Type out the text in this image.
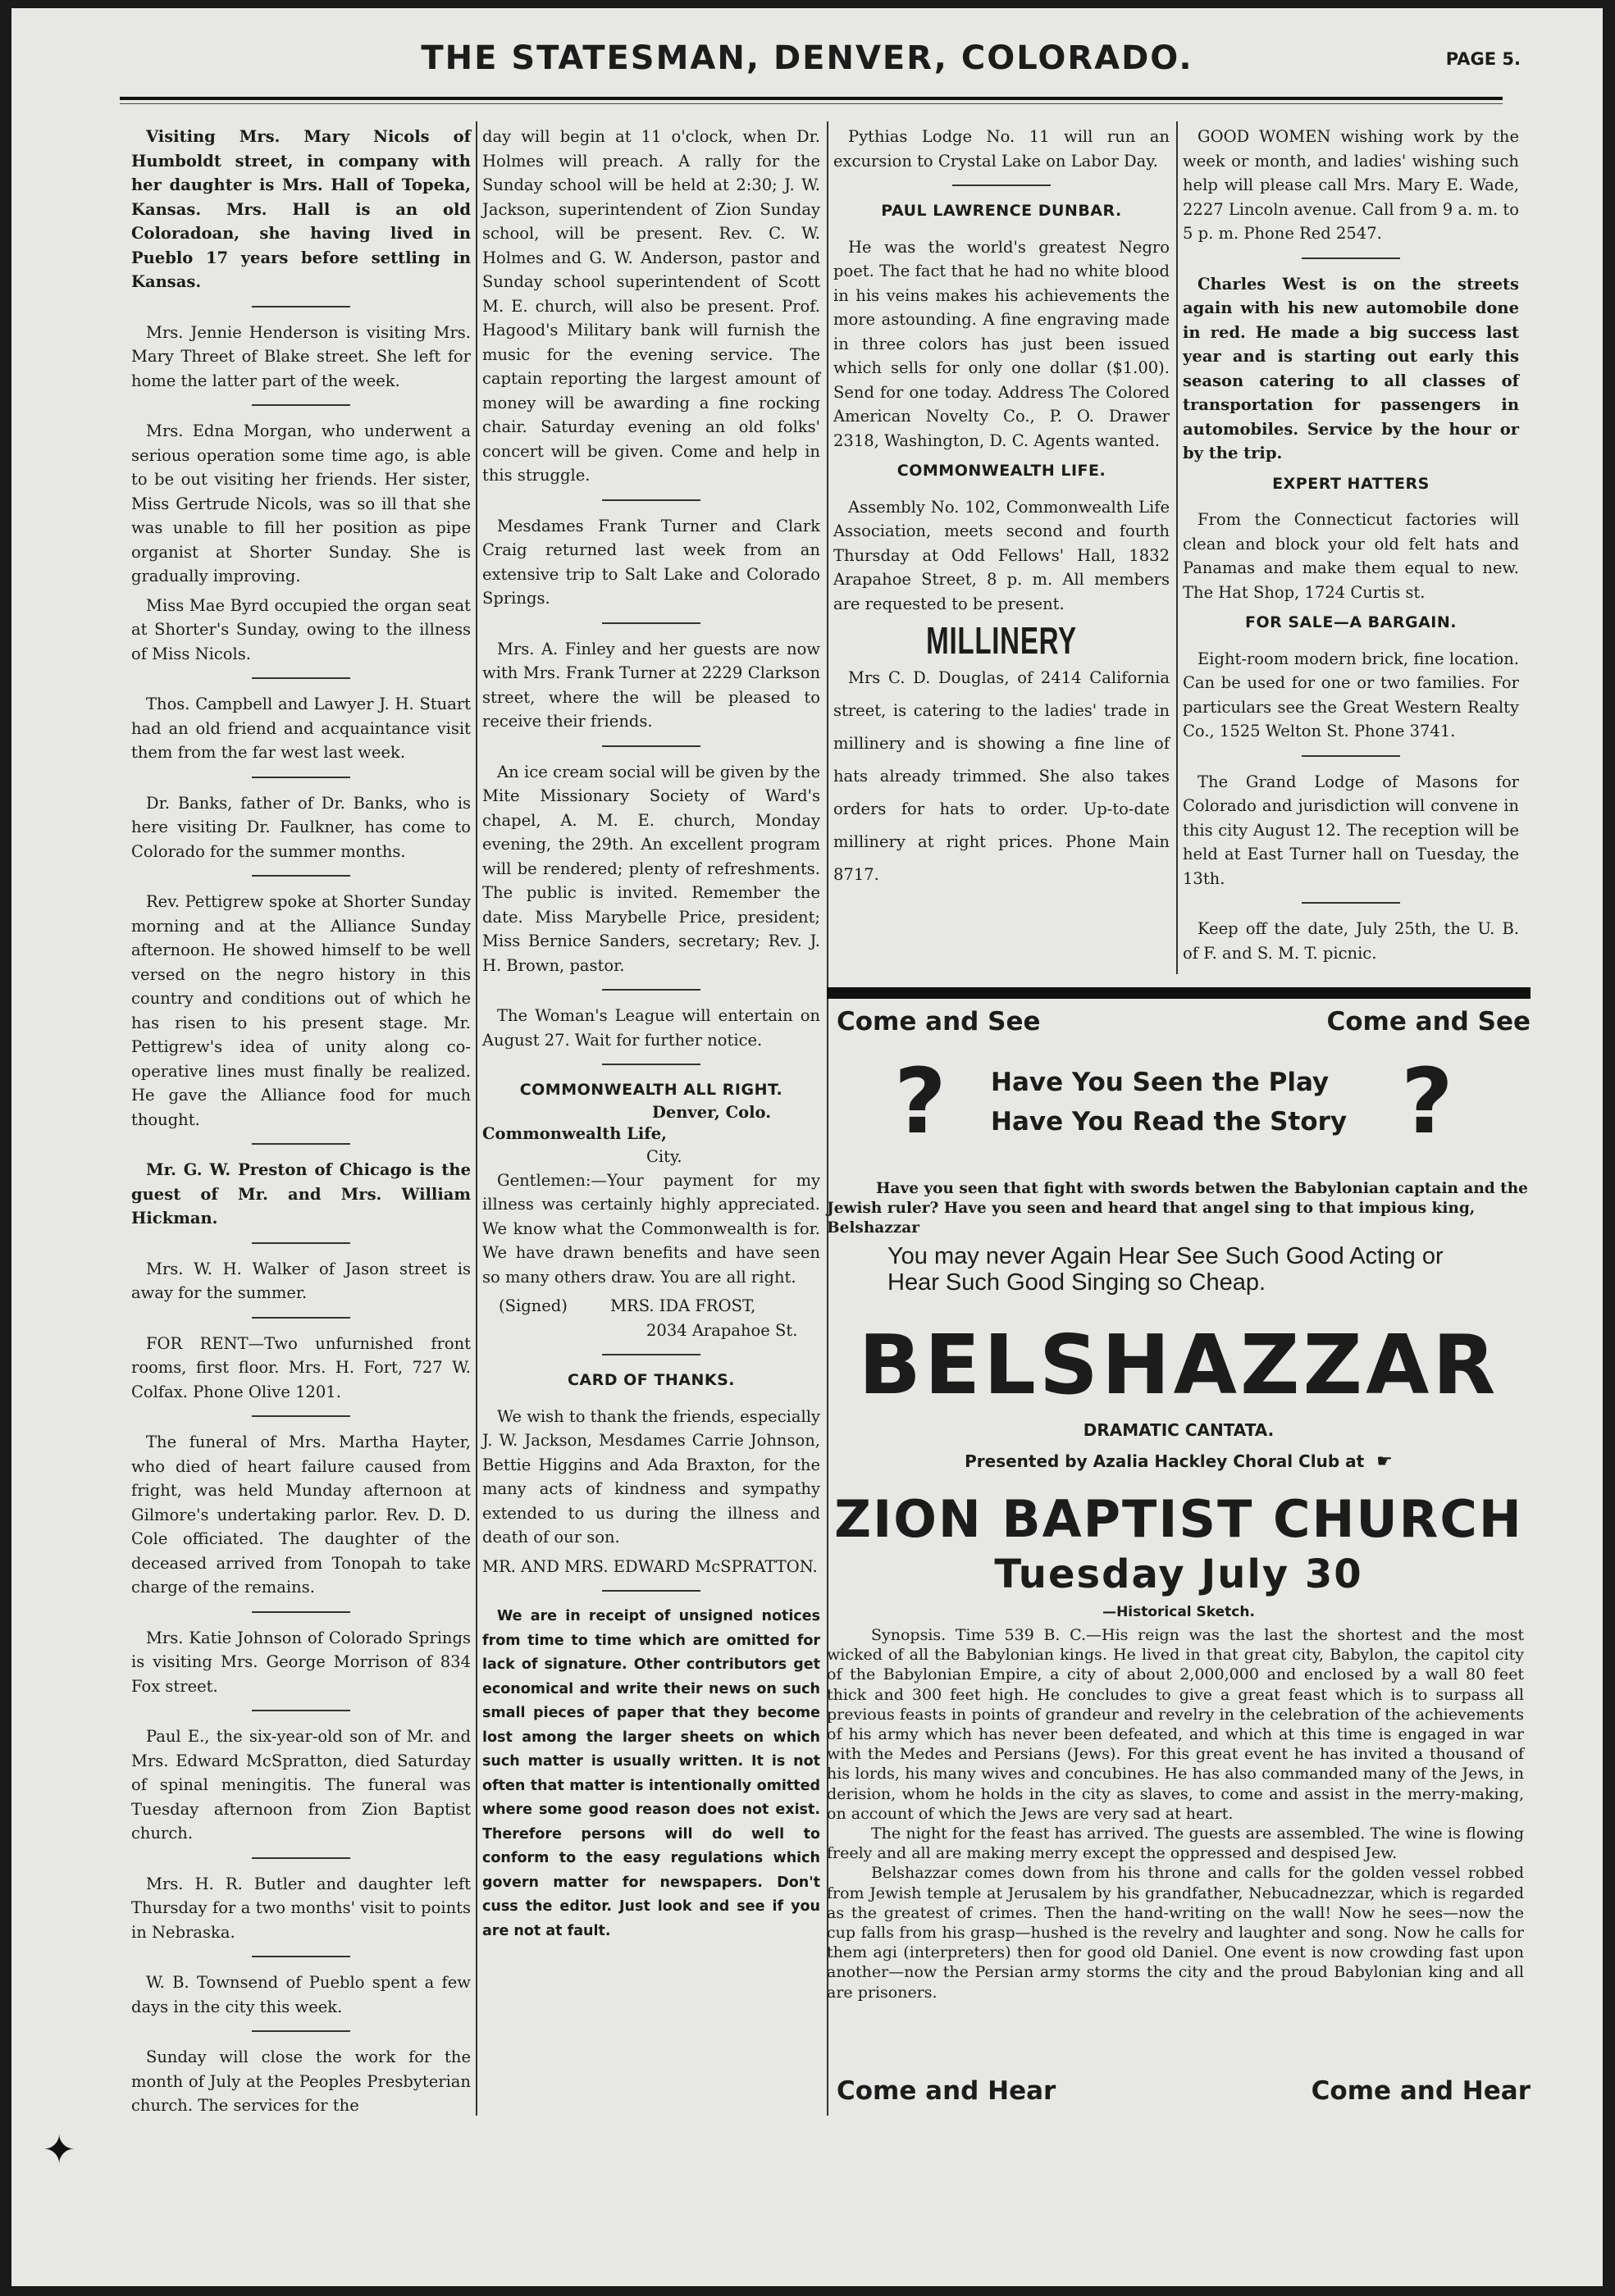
THE STATESMAN, DENVER, COLORADO.	PAGE 5.

Visiting Mrs. Mary Nicols of Humboldt street, in company with her daughter is Mrs. Hall of Topeka, Kansas. Mrs. Hall is an old Coloradoan, she having lived in Pueblo 17 years before settling in Kansas.

Mrs. Jennie Henderson is visiting Mrs. Mary Threet of Blake street. She left for home the latter part of the week.

Mrs. Edna Morgan, who underwent a serious operation some time ago, is able to be out visiting her friends. Her sister, Miss Gertrude Nicols, was so ill that she was unable to fill her position as pipe organist at Shorter Sunday. She is gradually improving.

Miss Mae Byrd occupied the organ seat at Shorter's Sunday, owing to the illness of Miss Nicols.

Thos. Campbell and Lawyer J. H. Stuart had an old friend and acquaintance visit them from the far west last week.

Dr. Banks, father of Dr. Banks, who is here visiting Dr. Faulkner, has come to Colorado for the summer months.

Rev. Pettigrew spoke at Shorter Sunday morning and at the Alliance Sunday afternoon. He showed himself to be well versed on the negro history in this country and conditions out of which he has risen to his present stage. Mr. Pettigrew's idea of unity along co-operative lines must finally be realized. He gave the Alliance food for much thought.

Mr. G. W. Preston of Chicago is the guest of Mr. and Mrs. William Hickman.

Mrs. W. H. Walker of Jason street is away for the summer.

FOR RENT—Two unfurnished front rooms, first floor. Mrs. H. Fort, 727 W. Colfax. Phone Olive 1201.

The funeral of Mrs. Martha Hayter, who died of heart failure caused from fright, was held Munday afternoon at Gilmore's undertaking parlor. Rev. D. D. Cole officiated. The daughter of the deceased arrived from Tonopah to take charge of the remains.

Mrs. Katie Johnson of Colorado Springs is visiting Mrs. George Morrison of 834 Fox street.

Paul E., the six-year-old son of Mr. and Mrs. Edward McSpratton, died Saturday of spinal meningitis. The funeral was Tuesday afternoon from Zion Baptist church.

Mrs. H. R. Butler and daughter left Thursday for a two months' visit to points in Nebraska.

W. B. Townsend of Pueblo spent a few days in the city this week.

Sunday will close the work for the month of July at the Peoples Presbyterian church. The services for the

day will begin at 11 o'clock, when Dr. Holmes will preach. A rally for the Sunday school will be held at 2:30; J. W. Jackson, superintendent of Zion Sunday school, will be present. Rev. C. W. Holmes and G. W. Anderson, pastor and Sunday school superintendent of Scott M. E. church, will also be present. Prof. Hagood's Military bank will furnish the music for the evening service. The captain reporting the largest amount of money will be awarding a fine rocking chair. Saturday evening an old folks' concert will be given. Come and help in this struggle.

Mesdames Frank Turner and Clark Craig returned last week from an extensive trip to Salt Lake and Colorado Springs.

Mrs. A. Finley and her guests are now with Mrs. Frank Turner at 2229 Clarkson street, where the will be pleased to receive their friends.

An ice cream social will be given by the Mite Missionary Society of Ward's chapel, A. M. E. church, Monday evening, the 29th. An excellent program will be rendered; plenty of refreshments. The public is invited. Remember the date. Miss Marybelle Price, president; Miss Bernice Sanders, secretary; Rev. J. H. Brown, pastor.

The Woman's League will entertain on August 27. Wait for further notice.

COMMONWEALTH ALL RIGHT.
Denver, Colo.
Commonwealth Life,
City.

Gentlemen:—Your payment for my illness was certainly highly appreciated. We know what the Commonwealth is for. We have drawn benefits and have seen so many others draw. You are all right.

(Signed)	MRS. IDA FROST,
2034 Arapahoe St.
CARD OF THANKS.

We wish to thank the friends, especially J. W. Jackson, Mesdames Carrie Johnson, Bettie Higgins and Ada Braxton, for the many acts of kindness and sympathy extended to us during the illness and death of our son.

MR. AND MRS. EDWARD McSPRATTON.

We are in receipt of unsigned notices from time to time which are omitted for lack of signature. Other contributors get economical and write their news on such small pieces of paper that they become lost among the larger sheets on which such matter is usually written. It is not often that matter is intentionally omitted where some good reason does not exist. Therefore persons will do well to conform to the easy regulations which govern matter for newspapers. Don't cuss the editor. Just look and see if you are not at fault.

Pythias Lodge No. 11 will run an excursion to Crystal Lake on Labor Day.

PAUL LAWRENCE DUNBAR.

He was the world's greatest Negro poet. The fact that he had no white blood in his veins makes his achievements the more astounding. A fine engraving made in three colors has just been issued which sells for only one dollar ($1.00). Send for one today. Address The Colored American Novelty Co., P. O. Drawer 2318, Washington, D. C. Agents wanted.

COMMONWEALTH LIFE.

Assembly No. 102, Commonwealth Life Association, meets second and fourth Thursday at Odd Fellows' Hall, 1832 Arapahoe Street, 8 p. m. All members are requested to be present.

MILLINERY

Mrs C. D. Douglas, of 2414 California street, is catering to the ladies' trade in millinery and is showing a fine line of hats already trimmed. She also takes orders for hats to order. Up-to-date millinery at right prices. Phone Main 8717.

GOOD WOMEN wishing work by the week or month, and ladies' wishing such help will please call Mrs. Mary E. Wade, 2227 Lincoln avenue. Call from 9 a. m. to 5 p. m. Phone Red 2547.

Charles West is on the streets again with his new automobile done in red. He made a big success last year and is starting out early this season catering to all classes of transportation for passengers in automobiles. Service by the hour or by the trip.

EXPERT HATTERS

From the Connecticut factories will clean and block your old felt hats and Panamas and make them equal to new. The Hat Shop, 1724 Curtis st.

FOR SALE—A BARGAIN.

Eight-room modern brick, fine location. Can be used for one or two families. For particulars see the Great Western Realty Co., 1525 Welton St. Phone 3741.

The Grand Lodge of Masons for Colorado and jurisdiction will convene in this city August 12. The reception will be held at East Turner hall on Tuesday, the 13th.

Keep off the date, July 25th, the U. B. of F. and S. M. T. picnic.

Come and See	Come and See
?	?
Have You Seen the Play
Have You Read the Story
Have you seen that fight with swords betwen the Babylonian captain and the Jewish ruler? Have you seen and heard that angel sing to that impious king, Belshazzar
You may never Again Hear See Such Good Acting or Hear Such Good Singing so Cheap.
BELSHAZZAR
DRAMATIC CANTATA.
Presented by Azalia Hackley Choral Club at ☛
ZION BAPTIST CHURCH
Tuesday July 30
—Historical Sketch.

Synopsis. Time 539 B. C.—His reign was the last the shortest and the most wicked of all the Babylonian kings. He lived in that great city, Babylon, the capitol city of the Babylonian Empire, a city of about 2,000,000 and enclosed by a wall 80 feet thick and 300 feet high. He concludes to give a great feast which is to surpass all previous feasts in points of grandeur and revelry in the celebration of the achievements of his army which has never been defeated, and which at this time is engaged in war with the Medes and Persians (Jews). For this great event he has invited a thousand of his lords, his many wives and concubines. He has also commanded many of the Jews, in derision, whom he holds in the city as slaves, to come and assist in the merry-making, on account of which the Jews are very sad at heart.

The night for the feast has arrived. The guests are assembled. The wine is flowing freely and all are making merry except the oppressed and despised Jew.

Belshazzar comes down from his throne and calls for the golden vessel robbed from Jewish temple at Jerusalem by his grandfather, Nebucadnezzar, which is regarded as the greatest of crimes. Then the hand-writing on the wall! Now he sees—now the cup falls from his grasp—hushed is the revelry and laughter and song. Now he calls for them agi (interpreters) then for good old Daniel. One event is now crowding fast upon another—now the Persian army storms the city and the proud Babylonian king and all are prisoners.

Come and Hear	Come and Hear
✦
